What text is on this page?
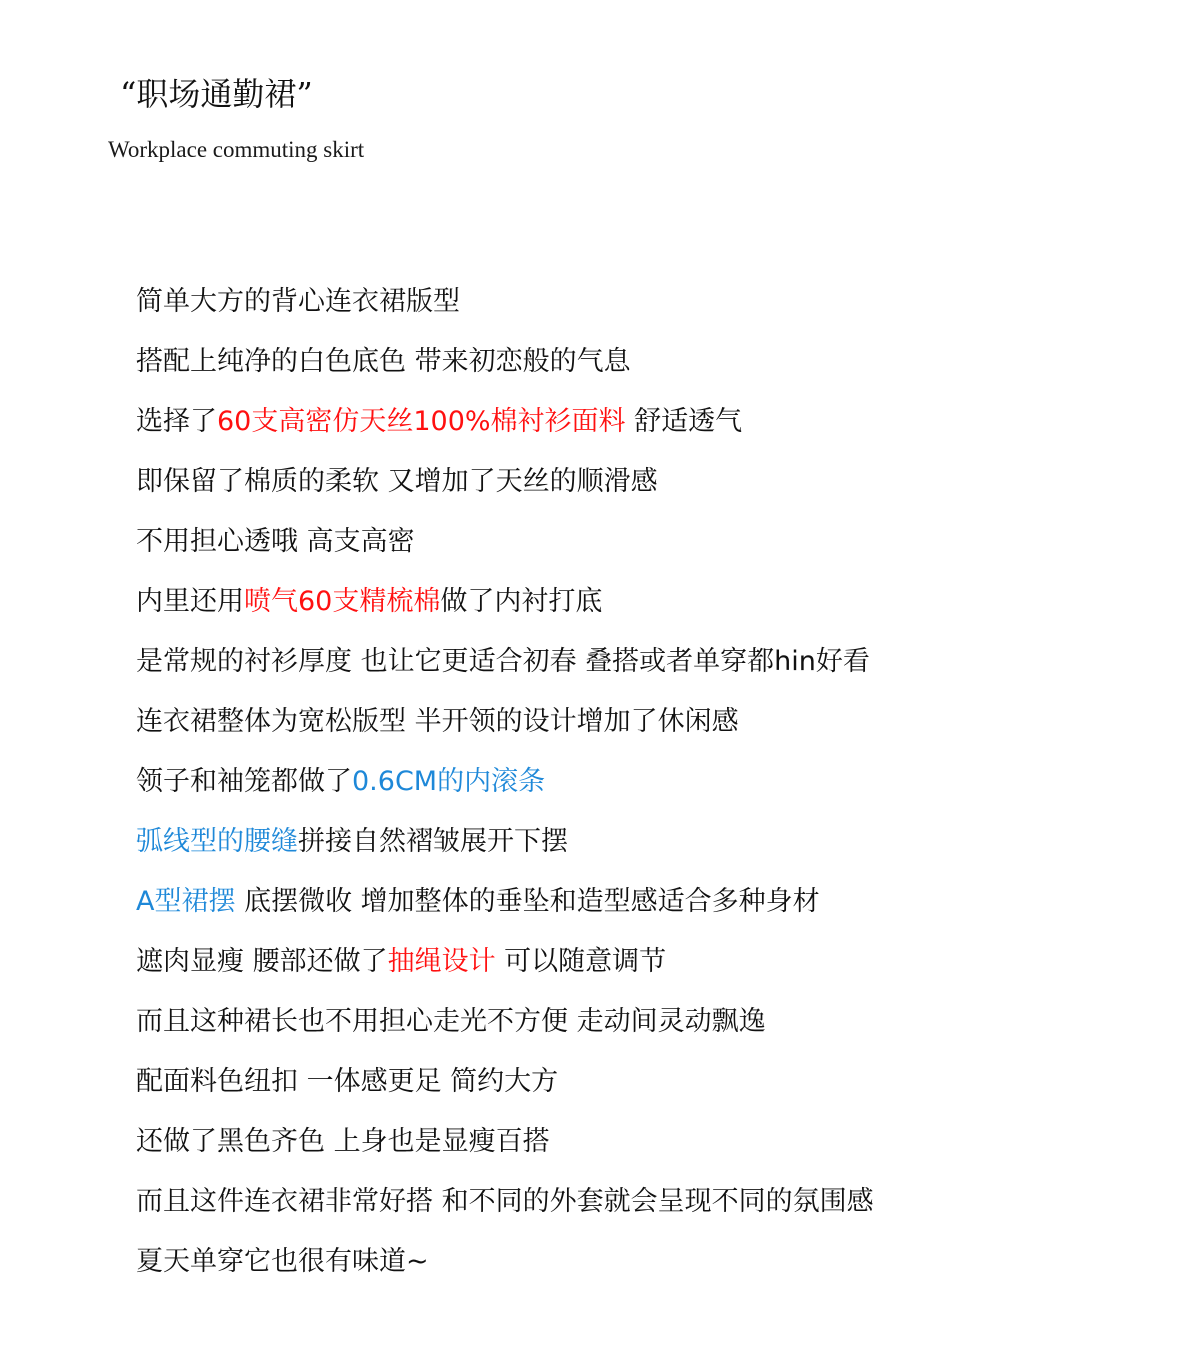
“职场通勤裙”
Workplace commuting skirt
简单大方的背心连衣裙版型
搭配上纯净的白色底色 带来初恋般的气息
选择了60支高密仿天丝100%棉衬衫面料 舒适透气
即保留了棉质的柔软 又增加了天丝的顺滑感
不用担心透哦 高支高密
内里还用喷气60支精梳棉做了内衬打底
是常规的衬衫厚度 也让它更适合初春 叠搭或者单穿都hin好看
连衣裙整体为宽松版型 半开领的设计增加了休闲感
领子和袖笼都做了0.6CM的内滚条
弧线型的腰缝拼接自然褶皱展开下摆
A型裙摆 底摆微收 增加整体的垂坠和造型感适合多种身材
遮肉显瘦 腰部还做了抽绳设计 可以随意调节
而且这种裙长也不用担心走光不方便 走动间灵动飘逸
配面料色纽扣 一体感更足 简约大方
还做了黑色齐色 上身也是显瘦百搭
而且这件连衣裙非常好搭 和不同的外套就会呈现不同的氛围感
夏天单穿它也很有味道~
